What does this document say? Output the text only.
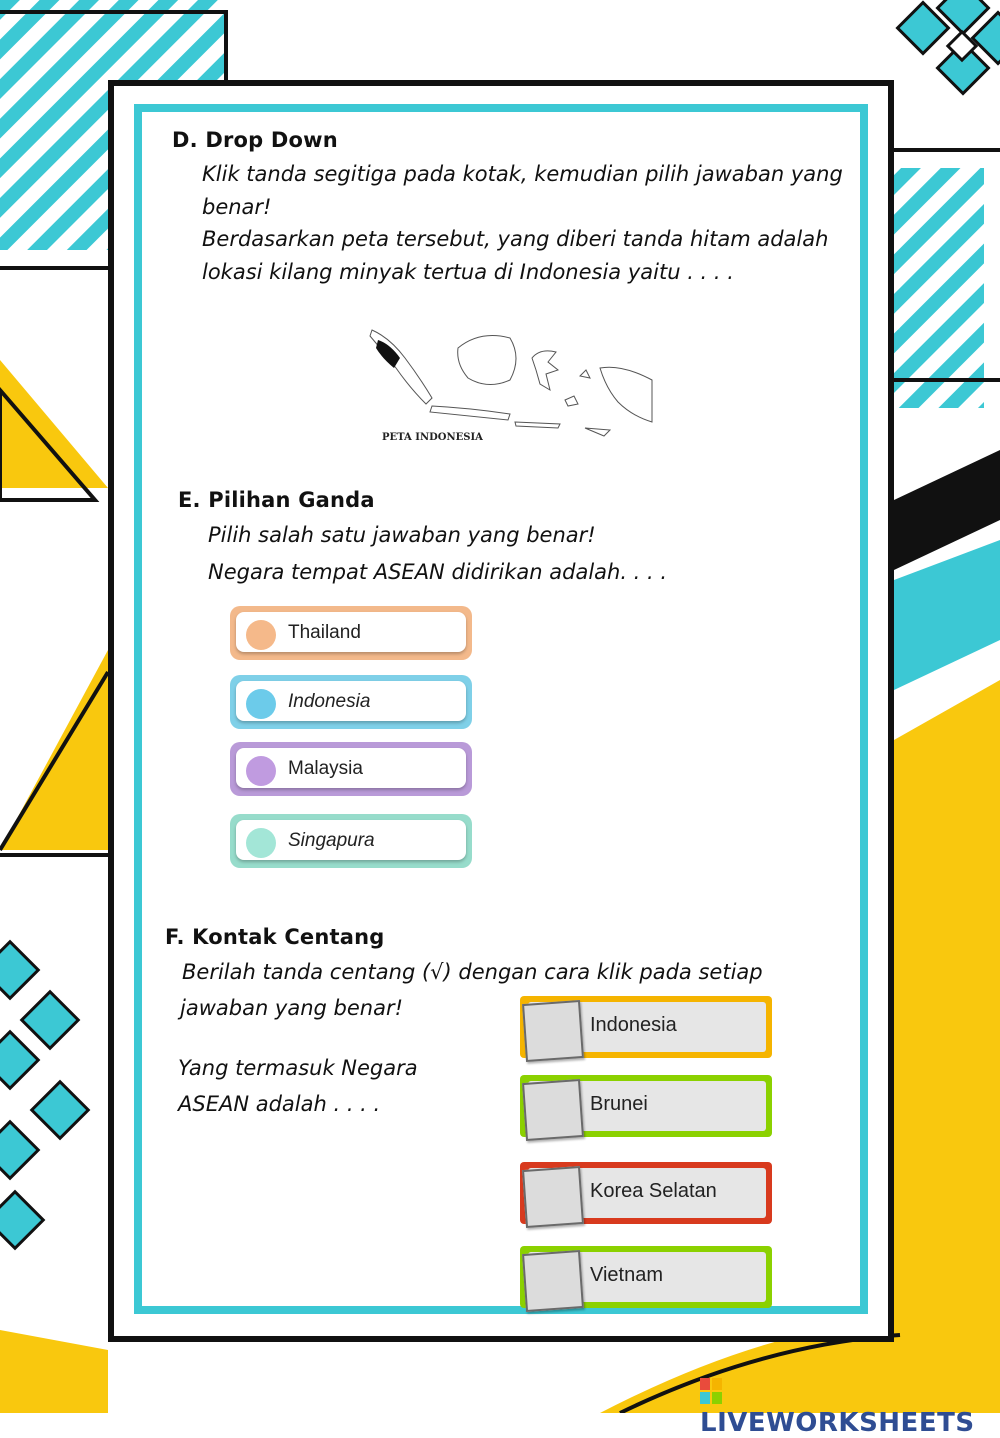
D. Drop Down
Klik tanda segitiga pada kotak, kemudian pilih jawaban yang
benar!
Berdasarkan peta tersebut, yang diberi tanda hitam adalah
lokasi kilang minyak tertua di Indonesia yaitu . . . .
PETA INDONESIA
E. Pilihan Ganda
Pilih salah satu jawaban yang benar!
Negara tempat ASEAN didirikan adalah. . . .
Thailand
Indonesia
Malaysia
Singapura
F. Kontak Centang
Berilah tanda centang (√) dengan cara klik pada setiap
jawaban yang benar!
Yang termasuk Negara
ASEAN adalah . . . .
Indonesia
Brunei
Korea Selatan
Vietnam
LIVEWORKSHEETS
